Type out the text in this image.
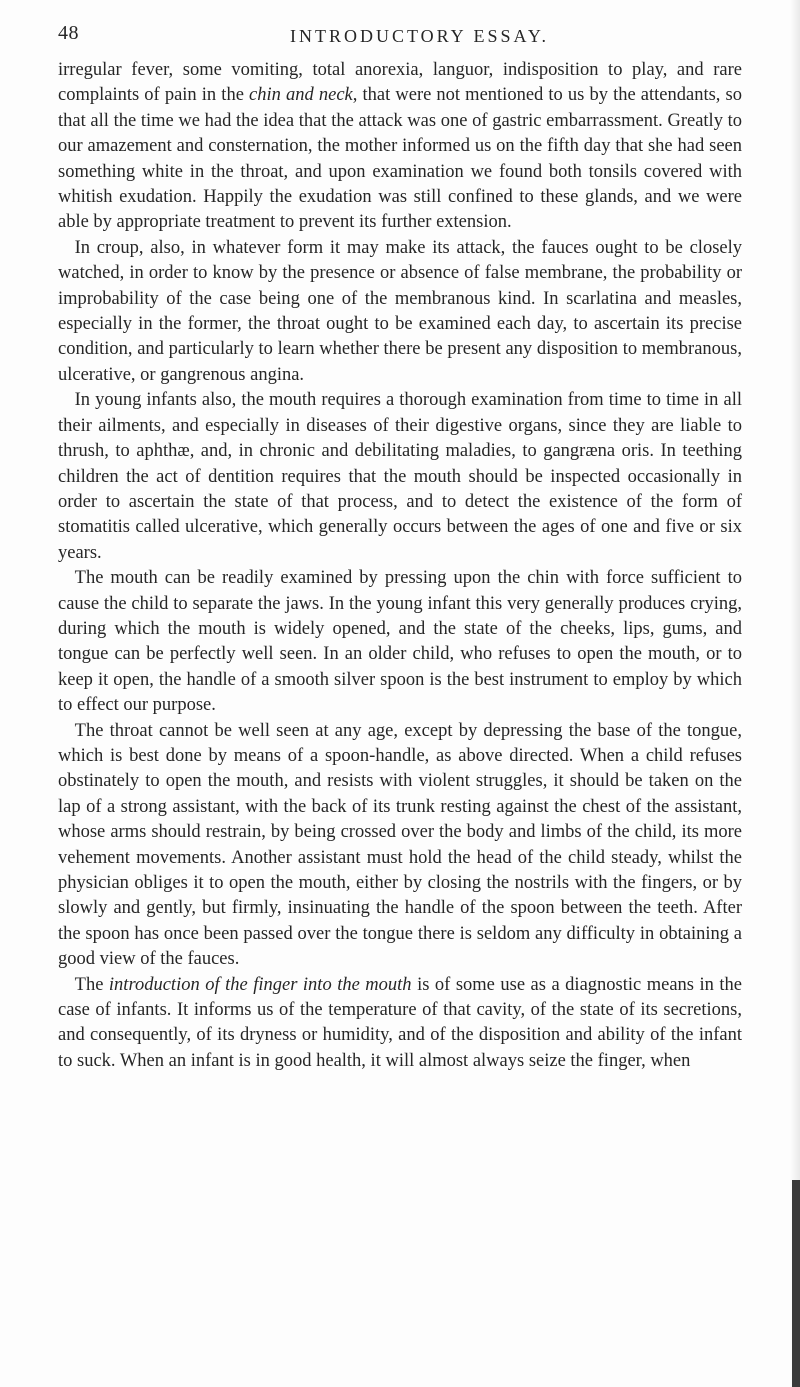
48	INTRODUCTORY ESSAY.

irregular fever, some vomiting, total anorexia, languor, indisposition to play, and rare complaints of pain in the chin and neck, that were not mentioned to us by the attendants, so that all the time we had the idea that the attack was one of gastric embarrassment. Greatly to our amazement and consternation, the mother informed us on the fifth day that she had seen something white in the throat, and upon examination we found both tonsils covered with whitish exudation. Happily the exudation was still confined to these glands, and we were able by appropriate treatment to prevent its further extension.

In croup, also, in whatever form it may make its attack, the fauces ought to be closely watched, in order to know by the presence or absence of false membrane, the probability or improbability of the case being one of the membranous kind. In scarlatina and measles, especially in the former, the throat ought to be examined each day, to ascertain its precise condition, and particularly to learn whether there be present any disposition to membranous, ulcerative, or gangrenous angina.

In young infants also, the mouth requires a thorough examination from time to time in all their ailments, and especially in diseases of their digestive organs, since they are liable to thrush, to aphthæ, and, in chronic and debilitating maladies, to gangræna oris. In teething children the act of dentition requires that the mouth should be inspected occasionally in order to ascertain the state of that process, and to detect the existence of the form of stomatitis called ulcerative, which generally occurs between the ages of one and five or six years.

The mouth can be readily examined by pressing upon the chin with force sufficient to cause the child to separate the jaws. In the young infant this very generally produces crying, during which the mouth is widely opened, and the state of the cheeks, lips, gums, and tongue can be perfectly well seen. In an older child, who refuses to open the mouth, or to keep it open, the handle of a smooth silver spoon is the best instrument to employ by which to effect our purpose.

The throat cannot be well seen at any age, except by depressing the base of the tongue, which is best done by means of a spoon-handle, as above directed. When a child refuses obstinately to open the mouth, and resists with violent struggles, it should be taken on the lap of a strong assistant, with the back of its trunk resting against the chest of the assistant, whose arms should restrain, by being crossed over the body and limbs of the child, its more vehement movements. Another assistant must hold the head of the child steady, whilst the physician obliges it to open the mouth, either by closing the nostrils with the fingers, or by slowly and gently, but firmly, insinuating the handle of the spoon between the teeth. After the spoon has once been passed over the tongue there is seldom any difficulty in obtaining a good view of the fauces.

The introduction of the finger into the mouth is of some use as a diagnostic means in the case of infants. It informs us of the temperature of that cavity, of the state of its secretions, and consequently, of its dryness or humidity, and of the disposition and ability of the infant to suck. When an infant is in good health, it will almost always seize the finger, when
